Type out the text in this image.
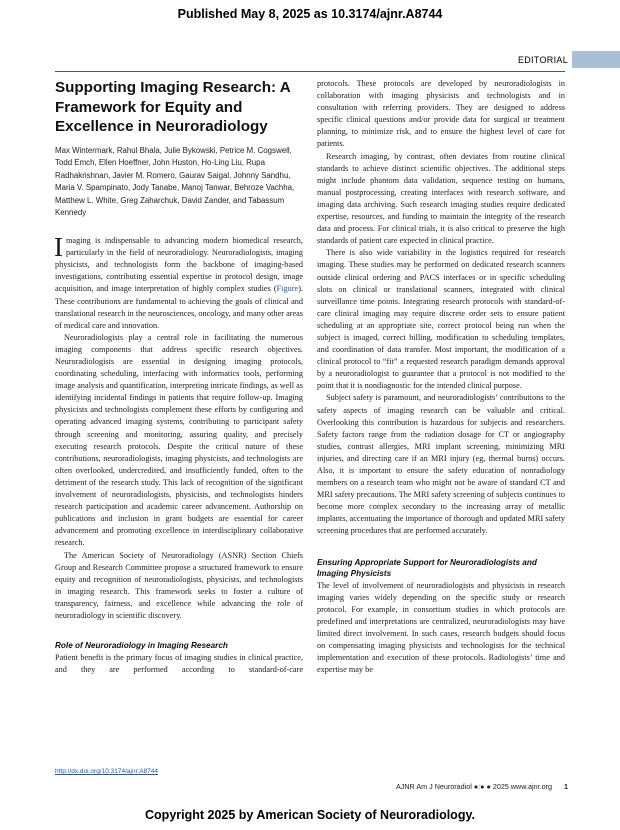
Published May 8, 2025 as 10.3174/ajnr.A8744
EDITORIAL
Supporting Imaging Research: A Framework for Equity and Excellence in Neuroradiology
Max Wintermark, Rahul Bhala, Julie Bykowski, Petrice M. Cogswell, Todd Emch, Ellen Hoeffner, John Huston, Ho-Ling Liu, Rupa Radhakrishnan, Javier M. Romero, Gaurav Saigal, Johnny Sandhu, Maria V. Spampinato, Jody Tanabe, Manoj Tanwar, Behroze Vachha, Matthew L. White, Greg Zaharchuk, David Zander, and Tabassum Kennedy

Imaging is indispensable to advancing modern biomedical research, particularly in the field of neuroradiology. Neuroradiologists, imaging physicists, and technologists form the backbone of imaging-based investigations, contributing essential expertise in protocol design, image acquisition, and image interpretation of highly complex studies (Figure). These contributions are fundamental to achieving the goals of clinical and translational research in the neurosciences, oncology, and many other areas of medical care and innovation.

Neuroradiologists play a central role in facilitating the numerous imaging components that address specific research objectives. Neuroradiologists are essential in designing imaging protocols, coordinating scheduling, interfacing with informatics tools, performing image analysis and quantification, interpreting intricate findings, as well as identifying incidental findings in patients that require follow-up. Imaging physicists and technologists complement these efforts by configuring and operating advanced imaging systems, contributing to participant safety through screening and monitoring, assuring quality, and precisely executing research protocols. Despite the critical nature of these contributions, neuroradiologists, imaging physicists, and technologists are often overlooked, undercredited, and insufficiently funded, often to the detriment of the research study. This lack of recognition of the significant involvement of neuroradiologists, physicists, and technologists hinders research participation and academic career advancement. Authorship on publications and inclusion in grant budgets are essential for career advancement and promoting excellence in interdisciplinary collaborative research.

The American Society of Neuroradiology (ASNR) Section Chiefs Group and Research Committee propose a structured framework to ensure equity and recognition of neuroradiologists, physicists, and technologists in imaging research. This framework seeks to foster a culture of transparency, fairness, and excellence while advancing the role of neuroradiology in scientific discovery.

Role of Neuroradiology in Imaging Research

Patient benefit is the primary focus of imaging studies in clinical practice, and they are performed according to standard-of-care

protocols. These protocols are developed by neuroradiologists in collaboration with imaging physicists and technologists and in consultation with referring providers. They are designed to address specific clinical questions and/or provide data for surgical or treatment planning, to minimize risk, and to ensure the highest level of care for patients.

Research imaging, by contrast, often deviates from routine clinical standards to achieve distinct scientific objectives. The additional steps might include phantom data validation, sequence testing on humans, manual postprocessing, creating interfaces with research software, and imaging data archiving. Such research imaging studies require dedicated expertise, resources, and funding to maintain the integrity of the research data and process. For clinical trials, it is also critical to preserve the high standards of patient care expected in clinical practice.

There is also wide variability in the logistics required for research imaging. These studies may be performed on dedicated research scanners outside clinical ordering and PACS interfaces or in specific scheduling slots on clinical or translational scanners, integrated with clinical surveillance time points. Integrating research protocols with standard-of-care clinical imaging may require discrete order sets to ensure patient scheduling at an appropriate site, correct protocol being run when the subject is imaged, correct billing, modification to scheduling templates, and coordination of data transfer. Most important, the modification of a clinical protocol to “fit” a requested research paradigm demands approval by a neuroradiologist to guarantee that a protocol is not modified to the point that it is nondiagnostic for the intended clinical purpose.

Subject safety is paramount, and neuroradiologists’ contributions to the safety aspects of imaging research can be valuable and critical. Overlooking this contribution is hazardous for subjects and researchers. Safety factors range from the radiation dosage for CT or angiography studies, contrast allergies, MRI implant screening, minimizing MRI injuries, and directing care if an MRI injury (eg, thermal burns) occurs. Also, it is important to ensure the safety education of nonradiology members on a research team who might not be aware of standard CT and MRI safety precautions. The MRI safety screening of subjects continues to become more complex secondary to the increasing array of metallic implants, accentuating the importance of thorough and updated MRI safety screening procedures that are performed accurately.

Ensuring Appropriate Support for Neuroradiologists and Imaging Physicists

The level of involvement of neuroradiologists and physicists in research imaging varies widely depending on the specific study or research protocol. For example, in consortium studies in which protocols are predefined and interpretations are centralized, neuroradiologists may have limited direct involvement. In such cases, research budgets should focus on compensating imaging physicists and technologists for the technical implementation and execution of these protocols. Radiologists’ time and expertise may be

http://dx.doi.org/10.3174/ajnr.A8744
AJNR Am J Neuroradiol ●:● ● 2025 www.ajnr.org 1
Copyright 2025 by American Society of Neuroradiology.
